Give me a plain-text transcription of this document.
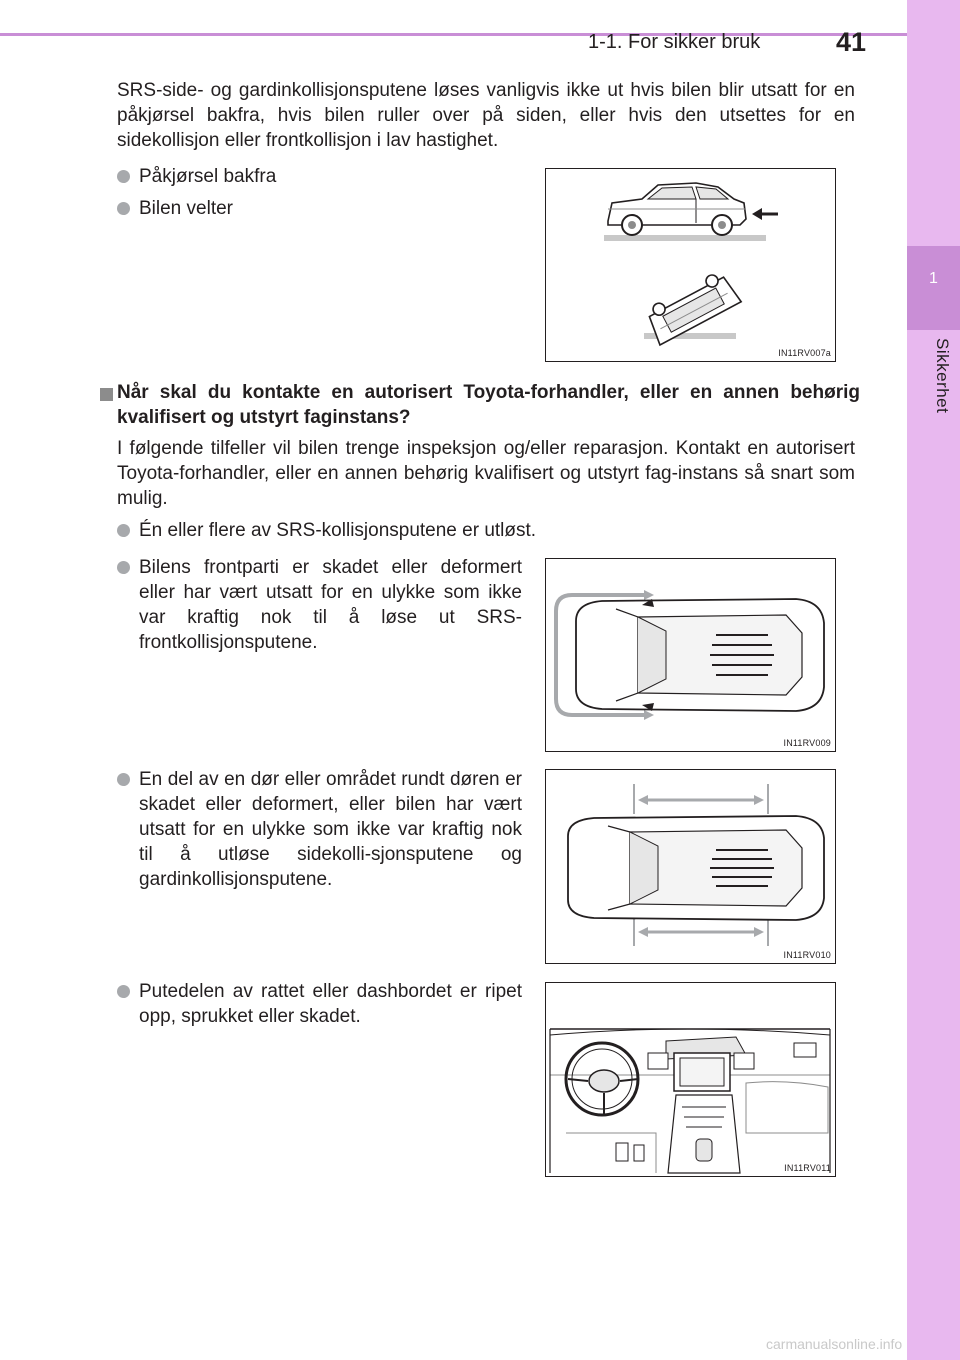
1-1. For sikker bruk	41
1
Sikkerhet
SRS-side- og gardinkollisjonsputene løses vanligvis ikke ut hvis bilen blir utsatt for en påkjørsel bakfra, hvis bilen ruller over på siden, eller hvis den utsettes for en sidekollisjon eller frontkollisjon i lav hastighet.
Påkjørsel bakfra
Bilen velter
IN11RV007a
Når skal du kontakte en autorisert Toyota-forhandler, eller en annen behørig kvalifisert og utstyrt faginstans?
I følgende tilfeller vil bilen trenge inspeksjon og/eller reparasjon. Kontakt en autorisert Toyota-forhandler, eller en annen behørig kvalifisert og utstyrt fag-instans så snart som mulig.
Én eller flere av SRS-kollisjonsputene er utløst.
Bilens frontparti er skadet eller deformert eller har vært utsatt for en ulykke som ikke var kraftig nok til å løse ut SRS-frontkollisjonsputene.
En del av en dør eller området rundt døren er skadet eller deformert, eller bilen har vært utsatt for en ulykke som ikke var kraftig nok til å utløse sidekolli-sjonsputene og gardinkollisjonsputene.
Putedelen av rattet eller dashbordet er ripet opp, sprukket eller skadet.
IN11RV009
IN11RV010
IN11RV011
carmanualsonline.info
